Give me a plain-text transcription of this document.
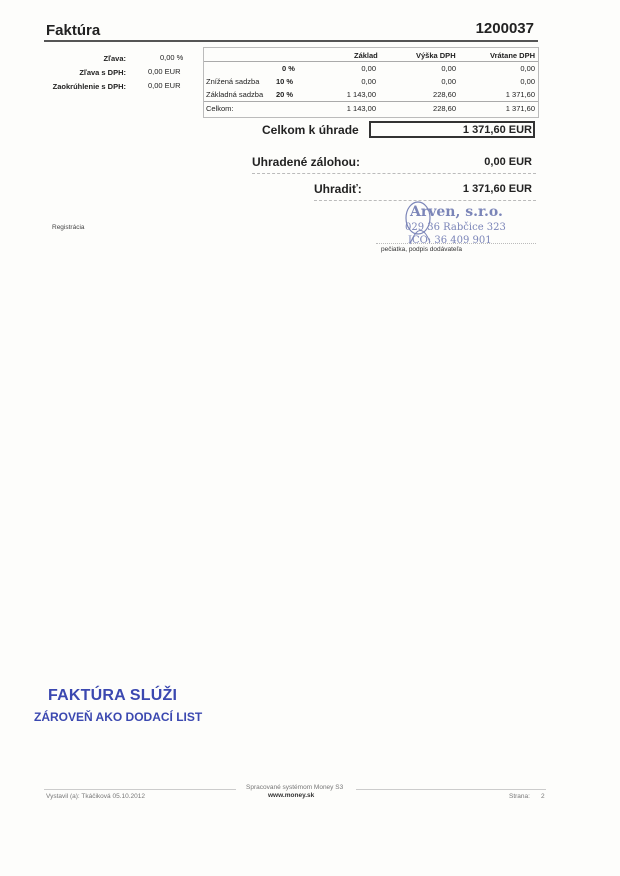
Faktúra	1200037
Zľava:	0,00 %
Zľava s DPH:	0,00 EUR
Zaokrúhlenie s DPH:	0,00 EUR
Základ	Výška DPH	Vrátane DPH
0 %	0,00	0,00	0,00
Znížená sadzba 10 %	0,00	0,00	0,00
Základná sadzba	20 %	1 143,00	228,60	1 371,60
Celkom:	1 143,00	228,60	1 371,60
Celkom k úhrade	1 371,60 EUR
Uhradené zálohou:	0,00 EUR
Uhradiť:	1 371,60 EUR
Registrácia
Arven, s.r.o.
029 36 Rabčice 323
IČO: 36 409 901
pečiatka, podpis dodávateľa
FAKTÚRA SLÚŽI
ZÁROVEŇ AKO DODACÍ LIST
Spracované systémom Money S3
Vystavil (a): Tkáčiková 05.10.2012	www.money.sk	Strana: 2
